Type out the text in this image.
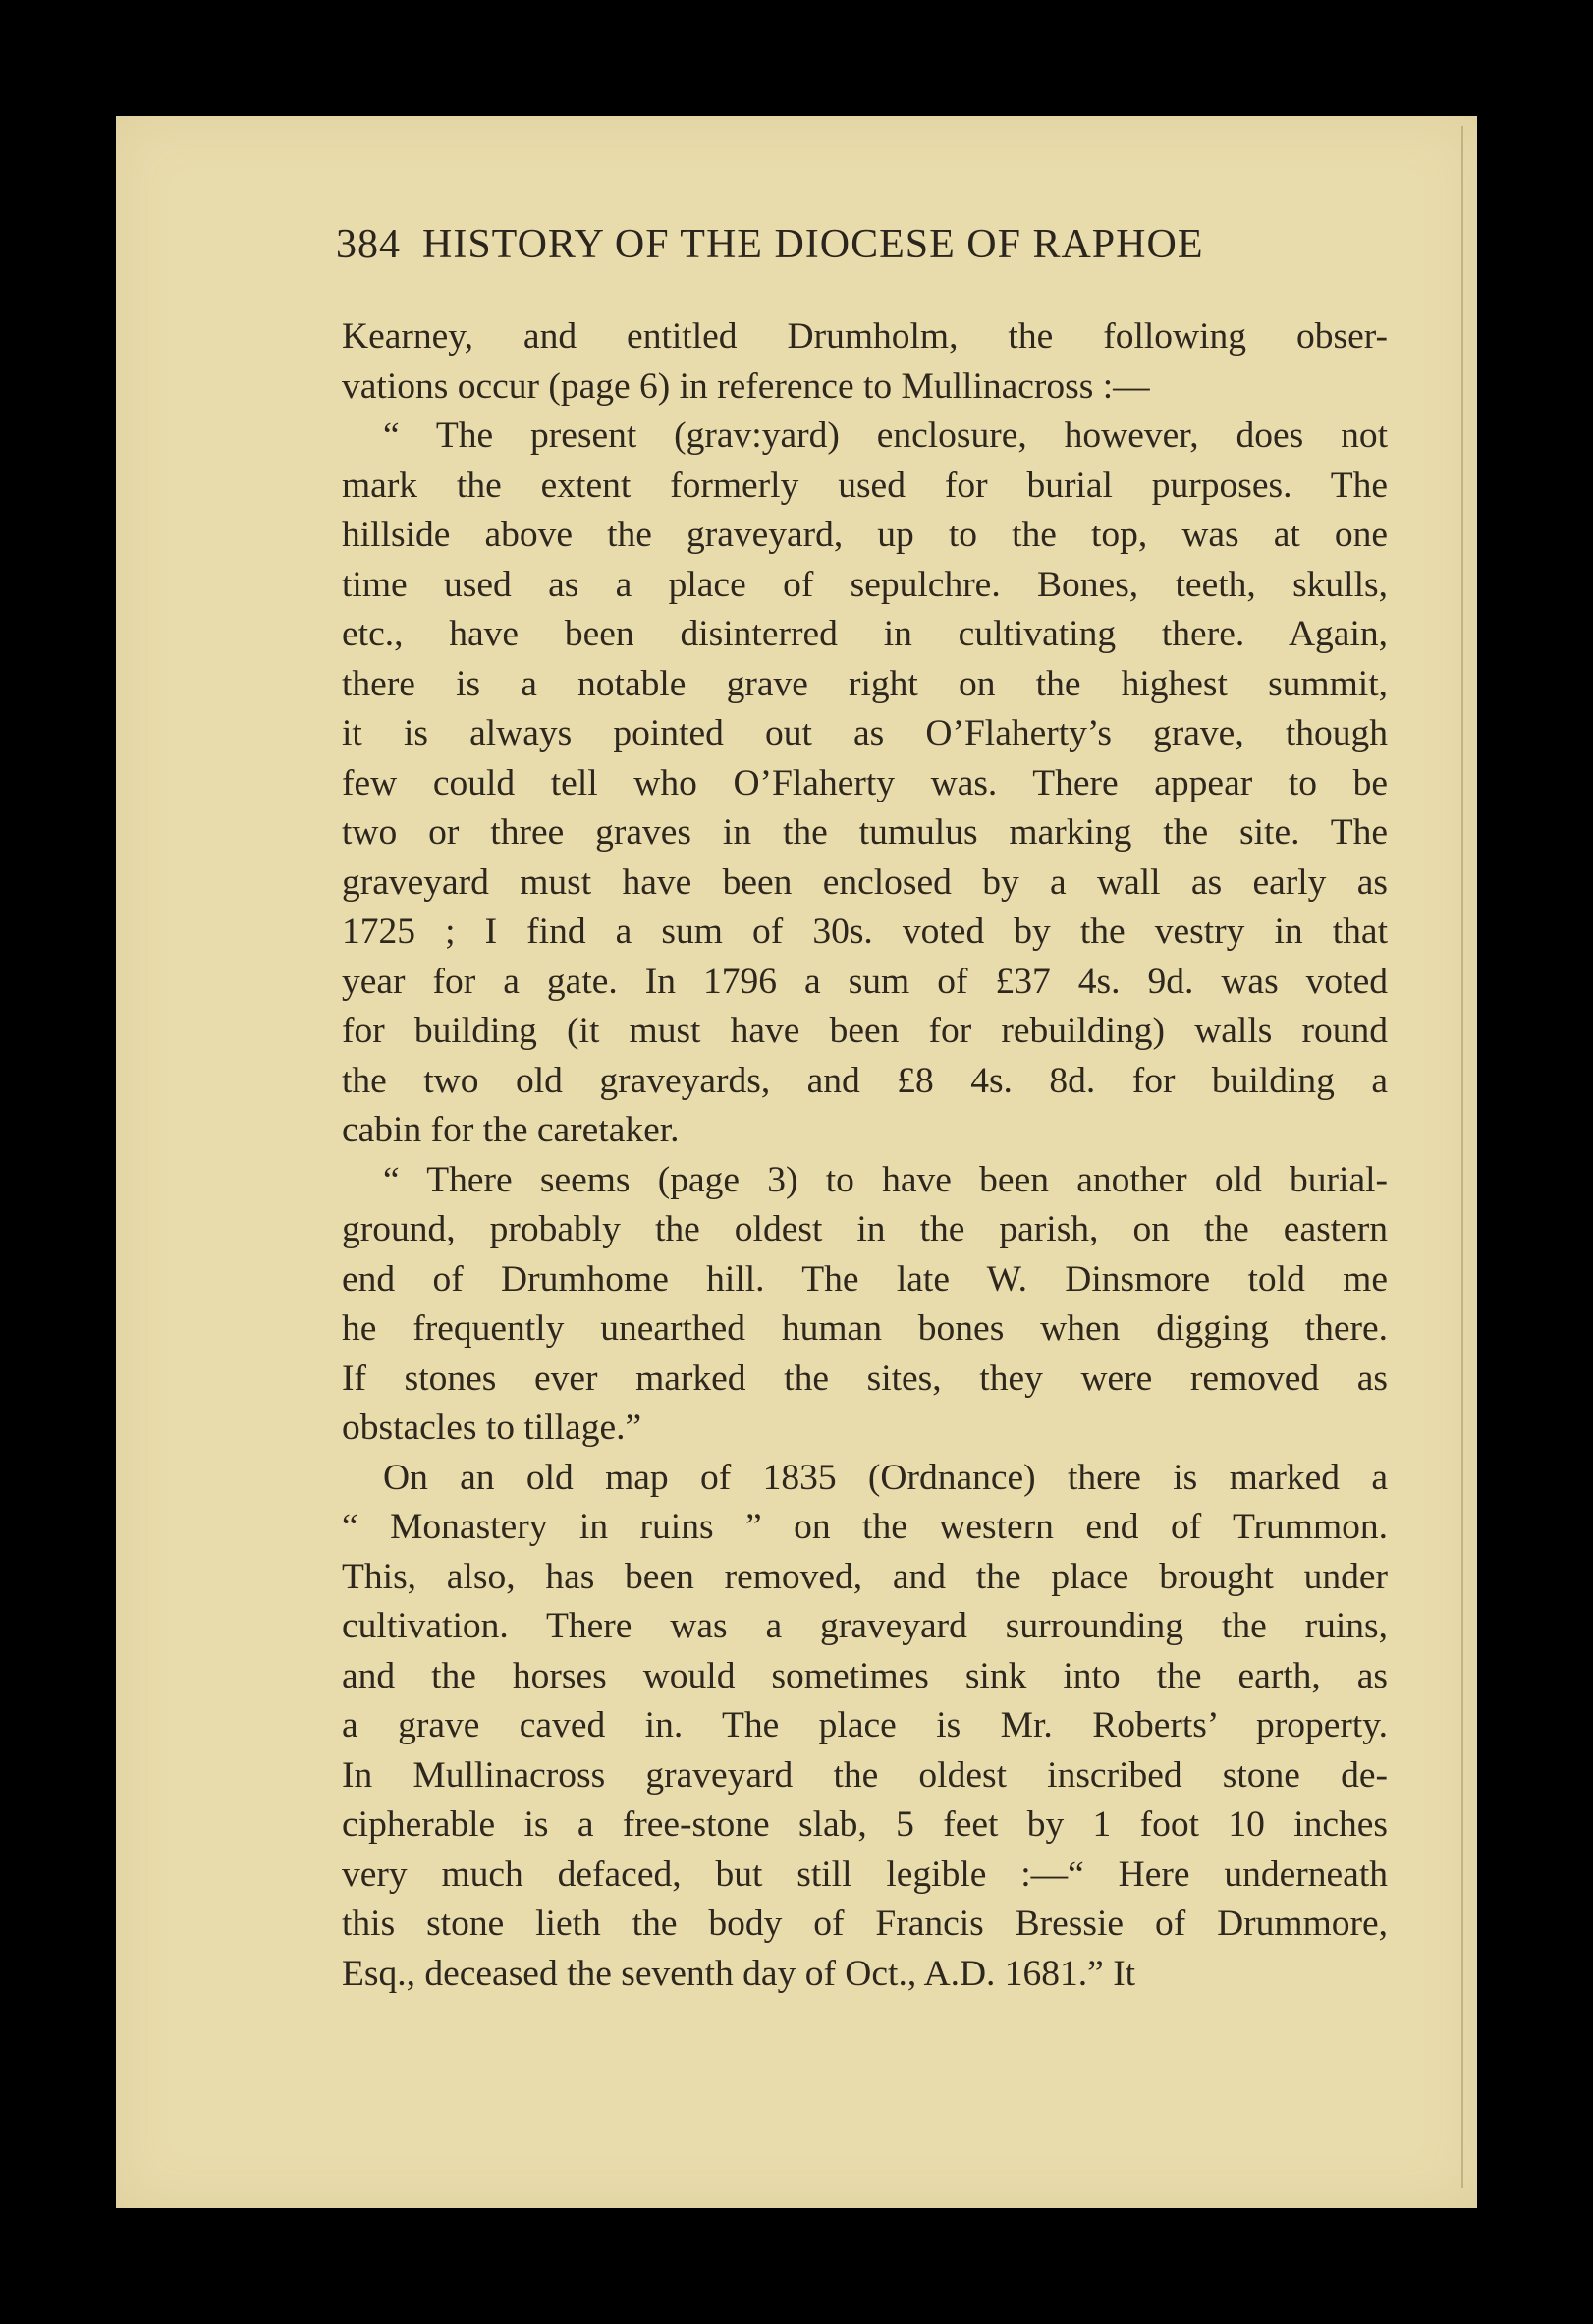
384 HISTORY OF THE DIOCESE OF RAPHOE

Kearney, and entitled Drumholm, the following obser-
vations occur (page 6) in reference to Mullinacross :—

“ The present (grav:yard) enclosure, however, does not
mark the extent formerly used for burial purposes. The
hillside above the graveyard, up to the top, was at one
time used as a place of sepulchre. Bones, teeth, skulls,
etc., have been disinterred in cultivating there. Again,
there is a notable grave right on the highest summit,
it is always pointed out as O’Flaherty’s grave, though
few could tell who O’Flaherty was. There appear to be
two or three graves in the tumulus marking the site. The
graveyard must have been enclosed by a wall as early as
1725 ; I find a sum of 30s. voted by the vestry in that
year for a gate. In 1796 a sum of £37 4s. 9d. was voted
for building (it must have been for rebuilding) walls round
the two old graveyards, and £8 4s. 8d. for building a
cabin for the caretaker.

“ There seems (page 3) to have been another old burial-
ground, probably the oldest in the parish, on the eastern
end of Drumhome hill. The late W. Dinsmore told me
he frequently unearthed human bones when digging there.
If stones ever marked the sites, they were removed as
obstacles to tillage.”

On an old map of 1835 (Ordnance) there is marked a
“ Monastery in ruins ” on the western end of Trummon.
This, also, has been removed, and the place brought under
cultivation. There was a graveyard surrounding the ruins,
and the horses would sometimes sink into the earth, as
a grave caved in. The place is Mr. Roberts’ property.
In Mullinacross graveyard the oldest inscribed stone de-
cipherable is a free-stone slab, 5 feet by 1 foot 10 inches
very much defaced, but still legible :—“ Here underneath
this stone lieth the body of Francis Bressie of Drummore,
Esq., deceased the seventh day of Oct., A.D. 1681.” It
